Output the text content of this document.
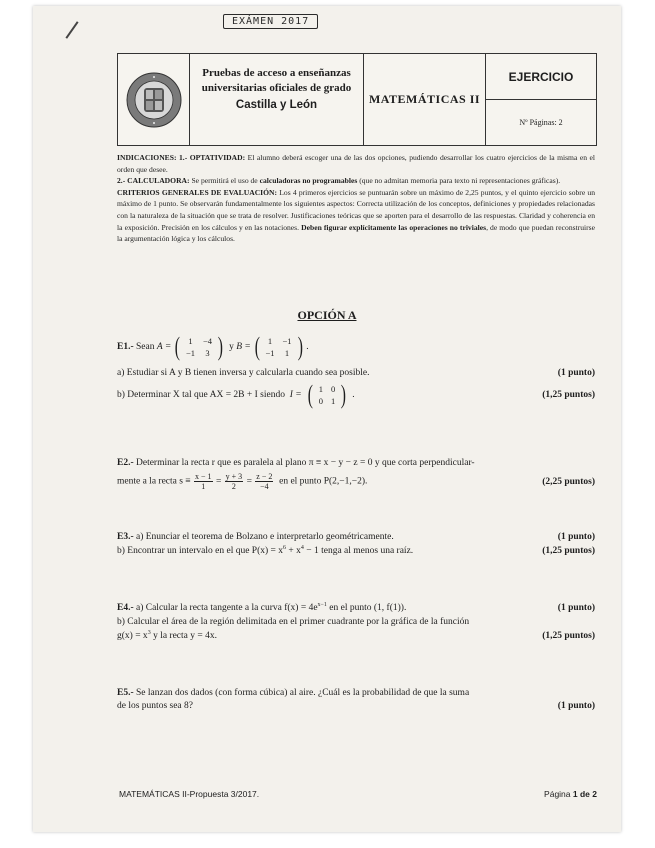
EXÁMEN 2017
Pruebas de acceso a enseñanzas
universitarias oficiales de grado
Castilla y León	MATEMÁTICAS II
EJERCICIO
Nº Páginas: 2

INDICACIONES: 1.- OPTATIVIDAD: El alumno deberá escoger una de las dos opciones, pudiendo desarrollar los cuatro ejercicios de la misma en el orden que desee.

2.- CALCULADORA: Se permitirá el uso de calculadoras no programables (que no admitan memoria para texto ni representaciones gráficas).

CRITERIOS GENERALES DE EVALUACIÓN: Los 4 primeros ejercicios se puntuarán sobre un máximo de 2,25 puntos, y el quinto ejercicio sobre un máximo de 1 punto. Se observarán fundamentalmente los siguientes aspectos: Correcta utilización de los conceptos, definiciones y propiedades relacionadas con la naturaleza de la situación que se trata de resolver. Justificaciones teóricas que se aporten para el desarrollo de las respuestas. Claridad y coherencia en la exposición. Precisión en los cálculos y en las notaciones. Deben figurar explícitamente las operaciones no triviales, de modo que puedan reconstruirse la argumentación lógica y los cálculos.

OPCIÓN A
E1.-
Sean
A = ( 1	−4
−1	3 )
y
B = ( 1	−1
−1	1 ) .
a) Estudiar si A y B tienen inversa y calcularla cuando sea posible.	(1 punto)
b) Determinar X tal que AX = 2B + I siendo I = ( 1	0
0	1 ) .	(1,25 puntos)
E2.- Determinar la recta r que es paralela al plano π ≡ x − y − z = 0 y que corta perpendicular-
mente a la recta $s \equiv \frac{x - 1}{1} = \frac{y + 3}{2} = \frac{z - 2}{-4}$ en el punto P(2,−1,−2).	(2,25 puntos)
E3.- a) Enunciar el teorema de Bolzano e interpretarlo geométricamente.	(1 punto)
b) Encontrar un intervalo en el que $P(x) = x^6 + x^4 - 1$ tenga al menos una raíz.	(1,25 puntos)
E4.- a) Calcular la recta tangente a la curva $f(x) = 4e^{x-1}$ en el punto (1, f(1)).	(1 punto)
b) Calcular el área de la región delimitada en el primer cuadrante por la gráfica de la función
$g(x) = x^3$ y la recta y = 4x.	(1,25 puntos)
E5.- Se lanzan dos dados (con forma cúbica) al aire. ¿Cuál es la probabilidad de que la suma
de los puntos sea 8?	(1 punto)
MATEMÁTICAS II-Propuesta 3/2017.	Página 1 de 2
